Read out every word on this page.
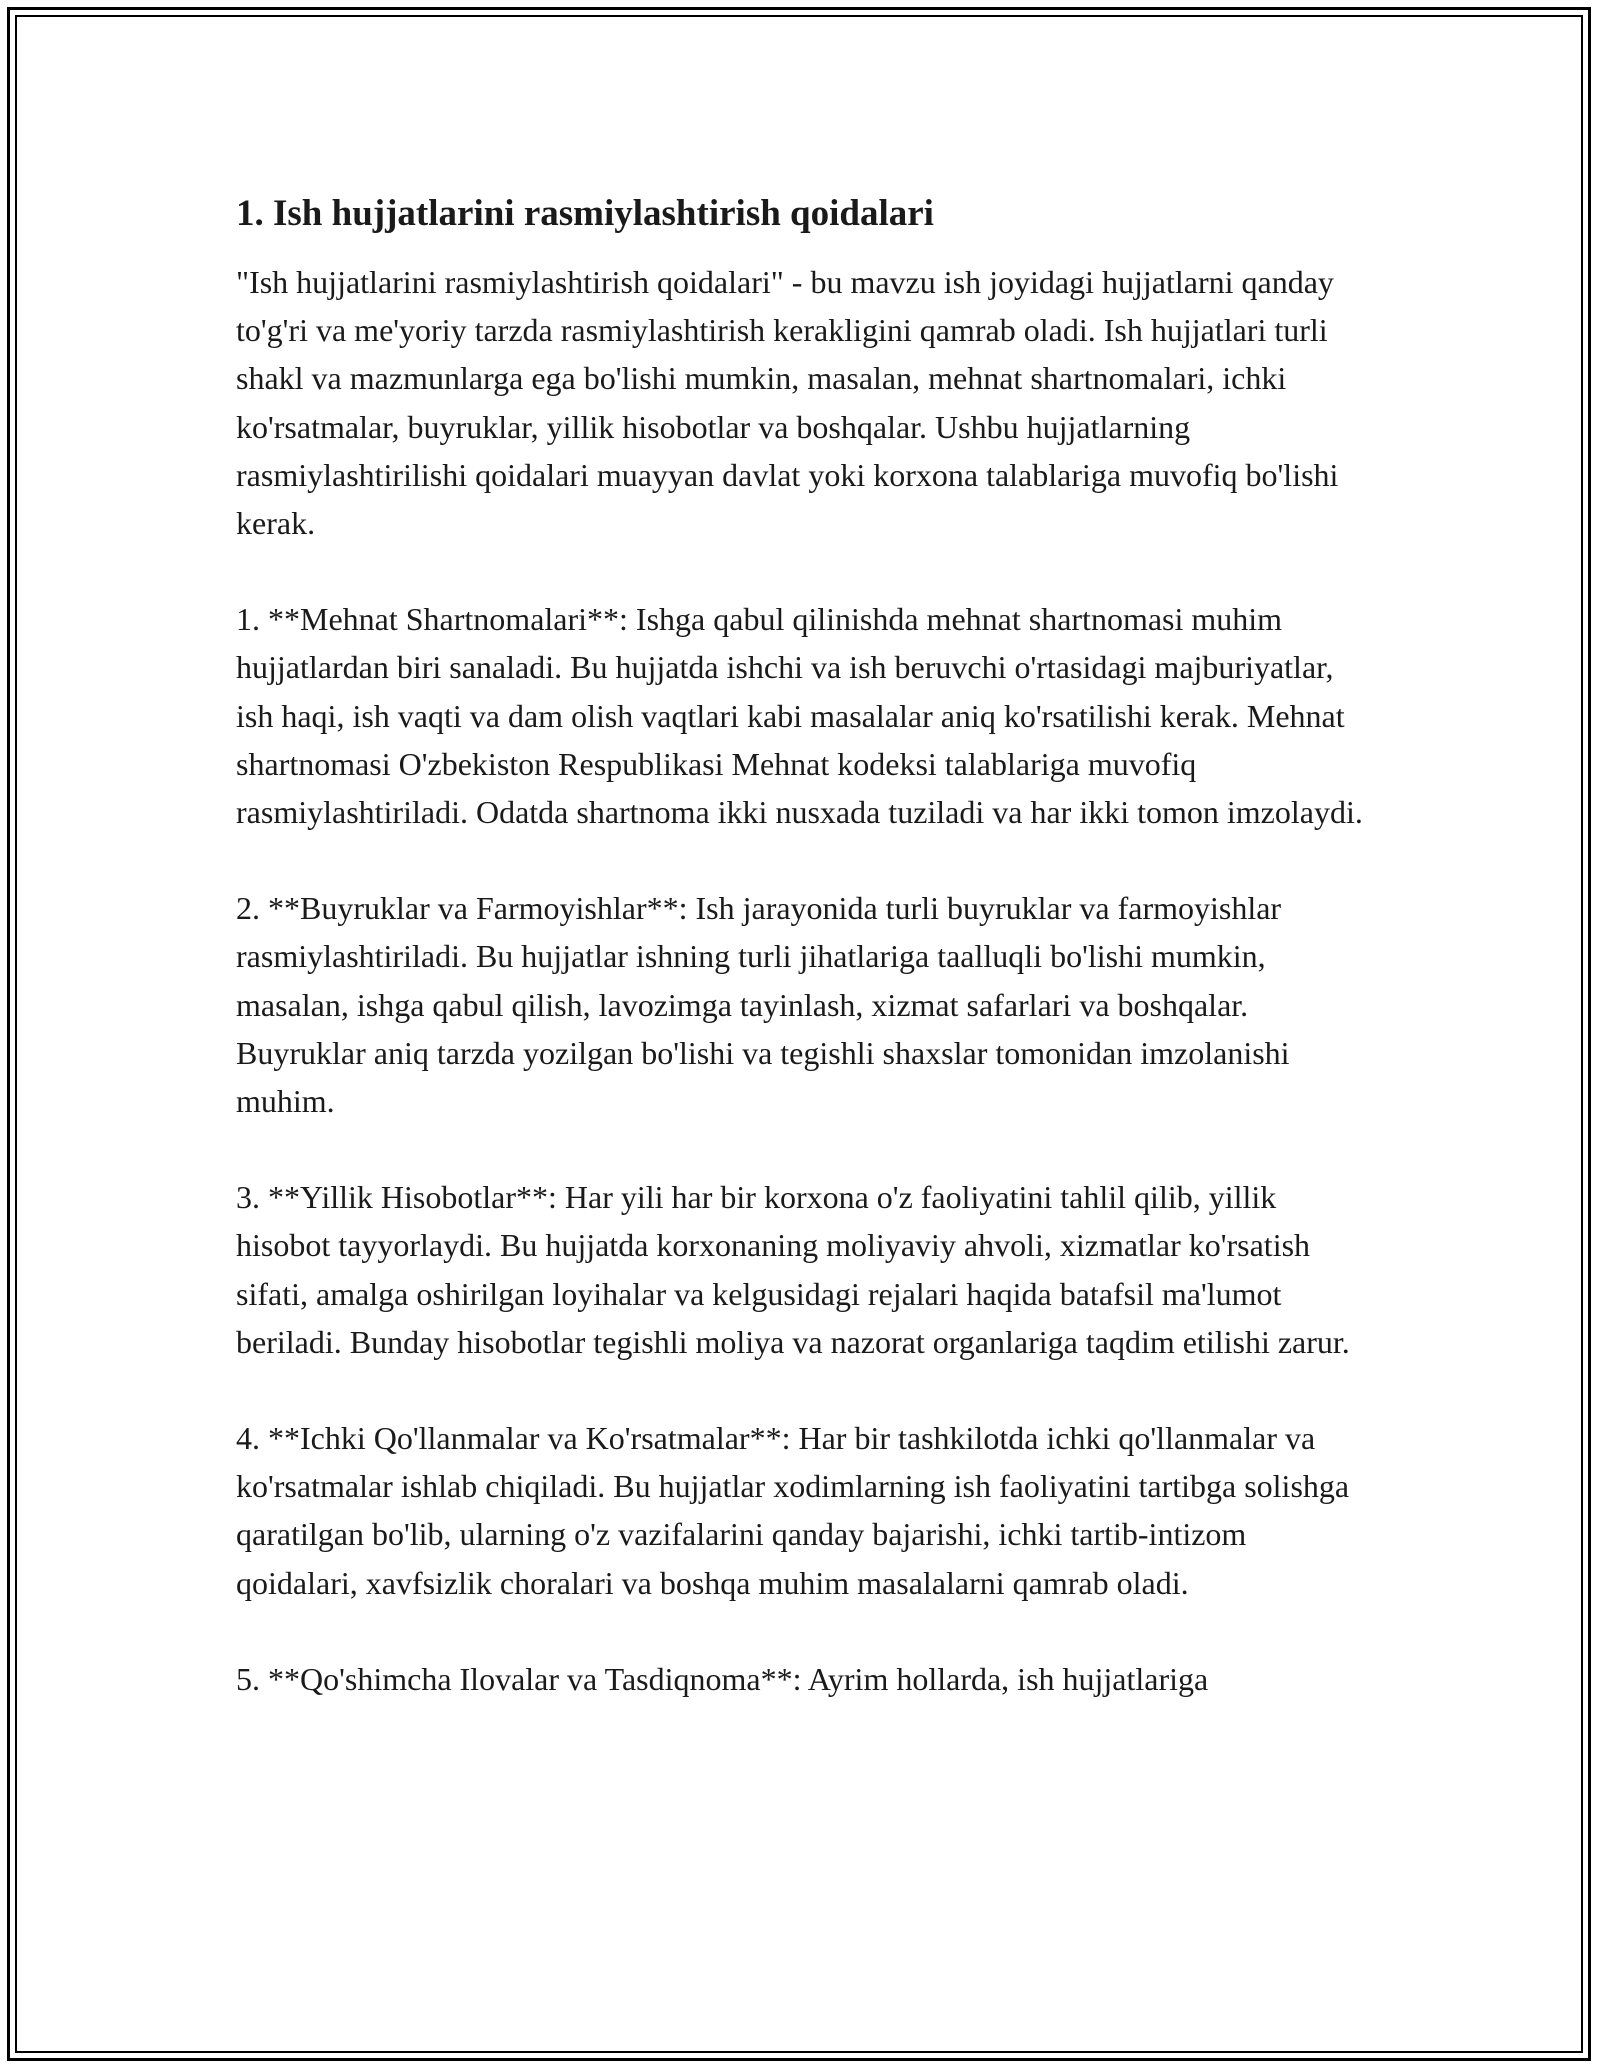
1. Ish hujjatlarini rasmiylashtirish qoidalari

"Ish hujjatlarini rasmiylashtirish qoidalari" - bu mavzu ish joyidagi hujjatlarni qanday to'g'ri va me'yoriy tarzda rasmiylashtirish kerakligini qamrab oladi. Ish hujjatlari turli shakl va mazmunlarga ega bo'lishi mumkin, masalan, mehnat shartnomalari, ichki ko'rsatmalar, buyruklar, yillik hisobotlar va boshqalar. Ushbu hujjatlarning rasmiylashtirilishi qoidalari muayyan davlat yoki korxona talablariga muvofiq bo'lishi kerak.

1. **Mehnat Shartnomalari**: Ishga qabul qilinishda mehnat shartnomasi muhim hujjatlardan biri sanaladi. Bu hujjatda ishchi va ish beruvchi o'rtasidagi majburiyatlar, ish haqi, ish vaqti va dam olish vaqtlari kabi masalalar aniq ko'rsatilishi kerak. Mehnat shartnomasi O'zbekiston Respublikasi Mehnat kodeksi talablariga muvofiq rasmiylashtiriladi. Odatda shartnoma ikki nusxada tuziladi va har ikki tomon imzolaydi.

2. **Buyruklar va Farmoyishlar**: Ish jarayonida turli buyruklar va farmoyishlar rasmiylashtiriladi. Bu hujjatlar ishning turli jihatlariga taalluqli bo'lishi mumkin, masalan, ishga qabul qilish, lavozimga tayinlash, xizmat safarlari va boshqalar. Buyruklar aniq tarzda yozilgan bo'lishi va tegishli shaxslar tomonidan imzolanishi muhim.

3. **Yillik Hisobotlar**: Har yili har bir korxona o'z faoliyatini tahlil qilib, yillik hisobot tayyorlaydi. Bu hujjatda korxonaning moliyaviy ahvoli, xizmatlar ko'rsatish sifati, amalga oshirilgan loyihalar va kelgusidagi rejalari haqida batafsil ma'lumot beriladi. Bunday hisobotlar tegishli moliya va nazorat organlariga taqdim etilishi zarur.

4. **Ichki Qo'llanmalar va Ko'rsatmalar**: Har bir tashkilotda ichki qo'llanmalar va ko'rsatmalar ishlab chiqiladi. Bu hujjatlar xodimlarning ish faoliyatini tartibga solishga qaratilgan bo'lib, ularning o'z vazifalarini qanday bajarishi, ichki tartib-intizom qoidalari, xavfsizlik choralari va boshqa muhim masalalarni qamrab oladi.

5. **Qo'shimcha Ilovalar va Tasdiqnoma**: Ayrim hollarda, ish hujjatlariga
